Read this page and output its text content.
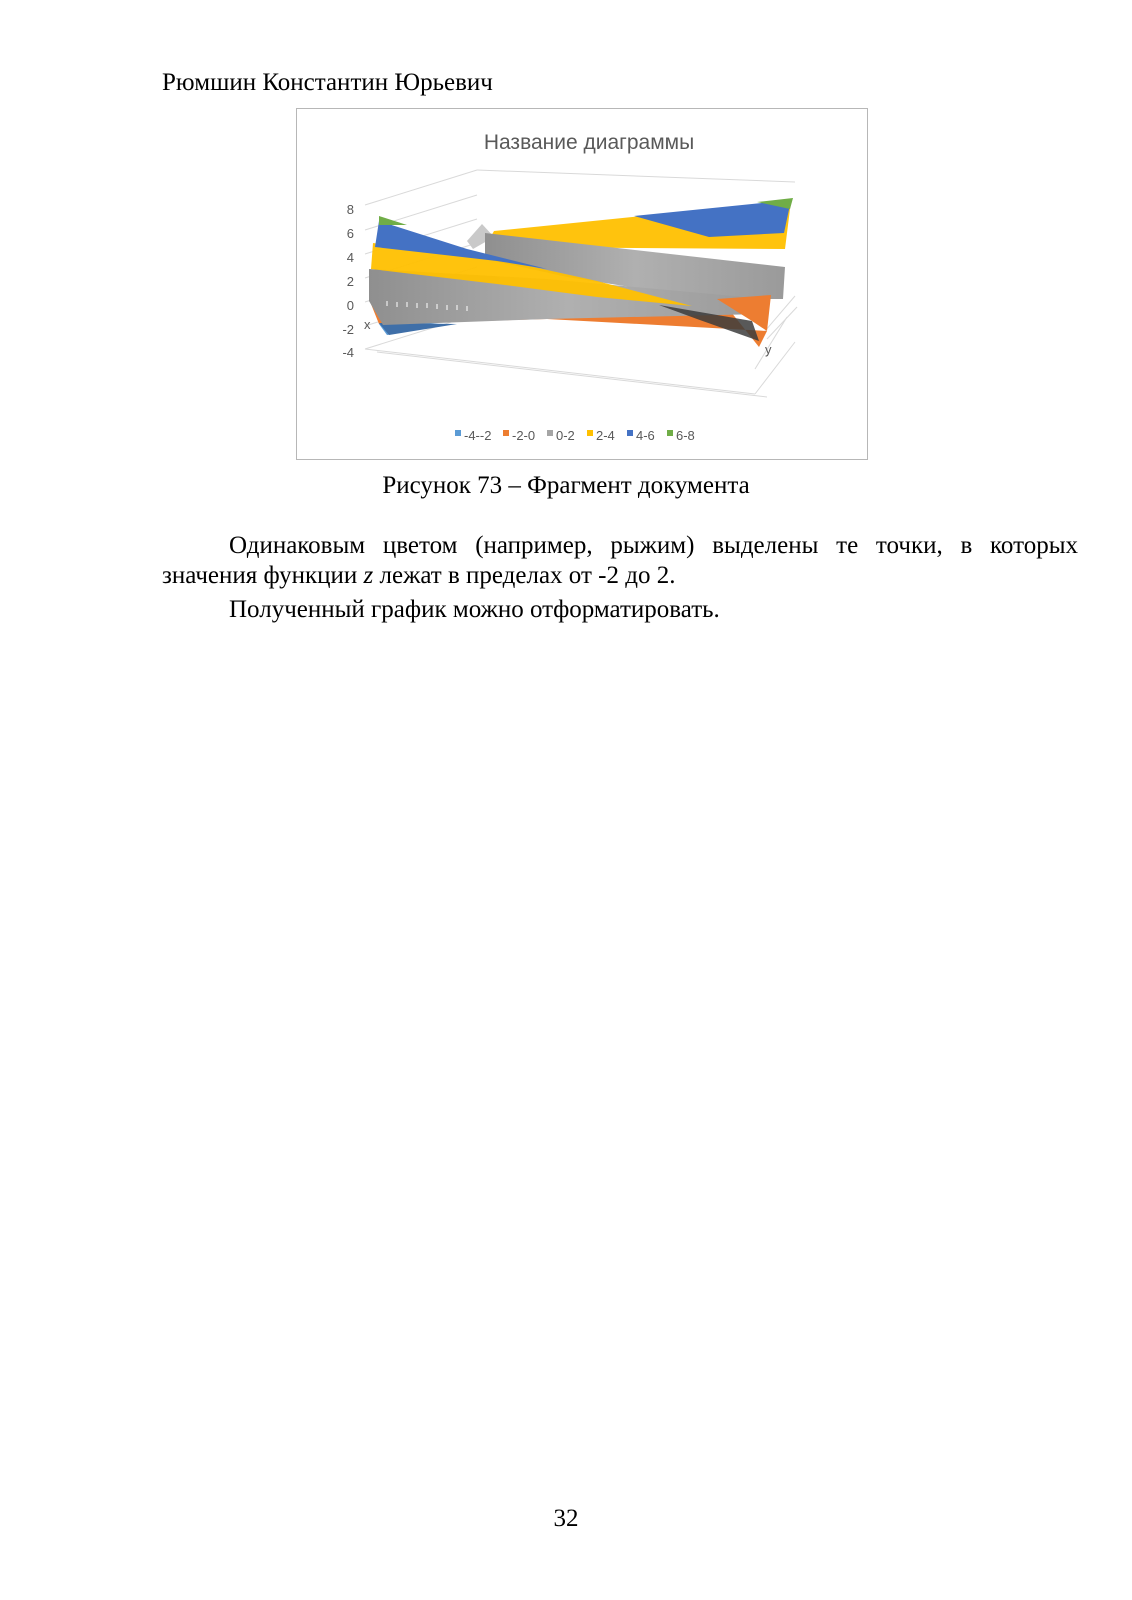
Рюмшин Константин Юрьевич
Название диаграммы
8
6
4
2
0
-2
-4
x
y
-4--2 -2-0 0-2 2-4 4-6 6-8
Рисунок 73 – Фрагмент документа

Одинаковым цветом (например, рыжим) выделены те точки, в которых значения функции z лежат в пределах от -2 до 2.

Полученный график можно отформатировать.

32
